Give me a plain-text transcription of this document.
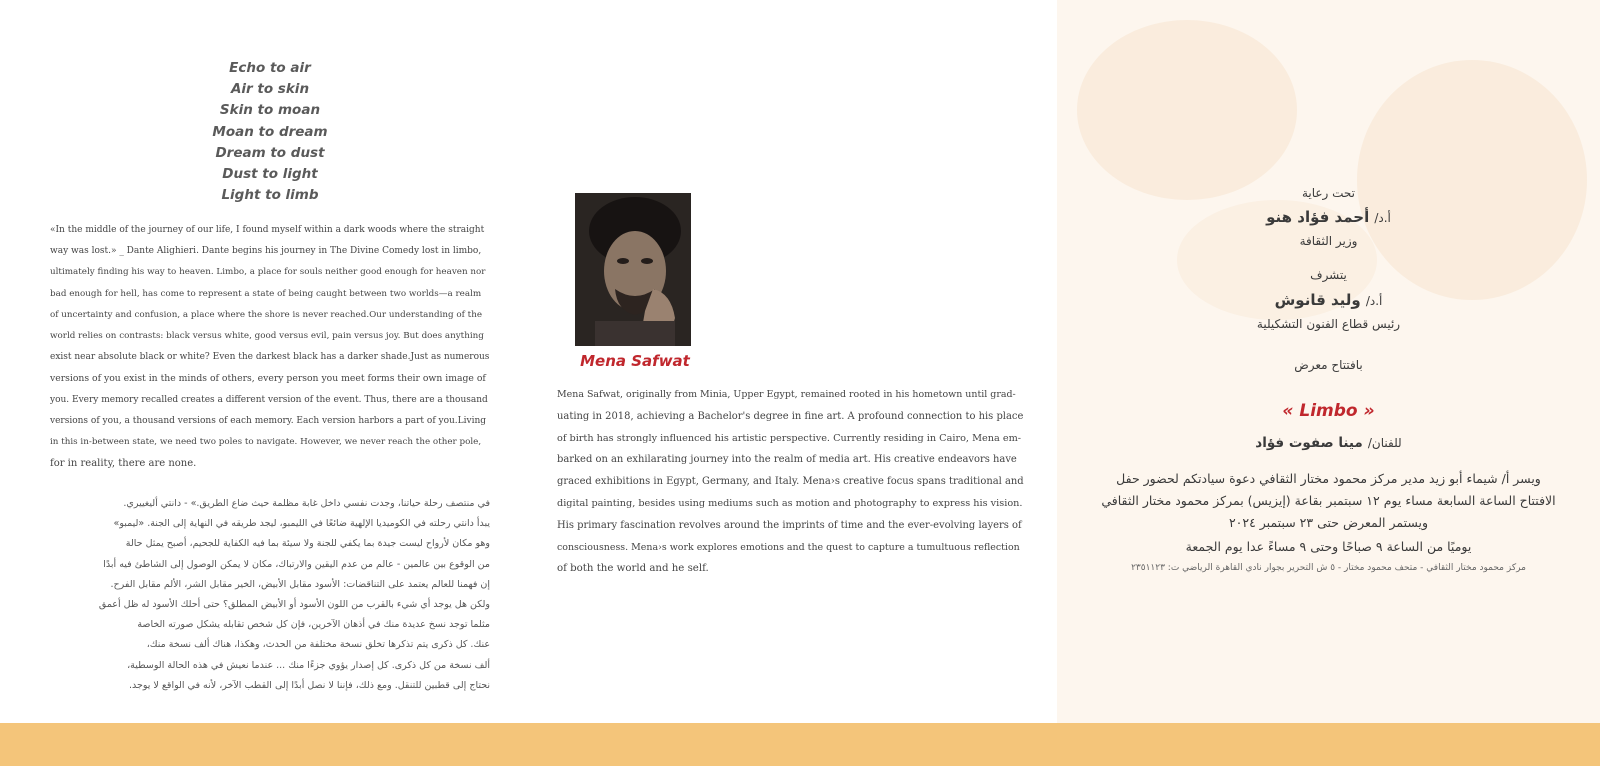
Echo to air
Air to skin
Skin to moan
Moan to dream
Dream to dust
Dust to light
Light to limb
«In the middle of the journey of our life, I found myself within a dark woods where the straight
way was lost.» _ Dante Alighieri. Dante begins his journey in The Divine Comedy lost in limbo,
ultimately finding his way to heaven. Limbo, a place for souls neither good enough for heaven nor
bad enough for hell, has come to represent a state of being caught between two worlds—a realm
of uncertainty and confusion, a place where the shore is never reached.Our understanding of the
world relies on contrasts: black versus white, good versus evil, pain versus joy. But does anything
exist near absolute black or white? Even the darkest black has a darker shade.Just as numerous
versions of you exist in the minds of others, every person you meet forms their own image of
you. Every memory recalled creates a different version of the event. Thus, there are a thousand
versions of you, a thousand versions of each memory. Each version harbors a part of you.Living
in this in-between state, we need two poles to navigate. However, we never reach the other pole,
for in reality, there are none.
في منتصف رحلة حياتنا، وجدت نفسي داخل غابة مظلمة حيث ضاع الطريق.» - دانتي أليغييري.
يبدأ دانتي رحلته في الكوميديا الإلهية ضائعًا في الليمبو، ليجد طريقه في النهاية إلى الجنة. «ليمبو»
وهو مكان لأرواح ليست جيدة بما يكفي للجنة ولا سيئة بما فيه الكفاية للجحيم، أصبح يمثل حالة
من الوقوع بين عالمين - عالم من عدم اليقين والارتباك، مكان لا يمكن الوصول إلى الشاطئ فيه أبدًا
إن فهمنا للعالم يعتمد على التناقضات: الأسود مقابل الأبيض، الخير مقابل الشر، الألم مقابل الفرح.
ولكن هل يوجد أي شيء بالقرب من اللون الأسود أو الأبيض المطلق؟ حتى أحلك الأسود له ظل أعمق
مثلما توجد نسخ عديدة منك في أذهان الآخرين، فإن كل شخص تقابله يشكل صورته الخاصة
عنك. كل ذكرى يتم تذكرها تخلق نسخة مختلفة من الحدث، وهكذا، هناك ألف نسخة منك،
ألف نسخة من كل ذكرى. كل إصدار يؤوي جزءًا منك ... عندما نعيش في هذه الحالة الوسطية،
نحتاج إلى قطبين للتنقل. ومع ذلك، فإننا لا نصل أبدًا إلى القطب الآخر، لأنه في الواقع لا يوجد.
Mena Safwat
Mena Safwat, originally from Minia, Upper Egypt, remained rooted in his hometown until grad-
uating in 2018, achieving a Bachelor's degree in fine art. A profound connection to his place
of birth has strongly influenced his artistic perspective. Currently residing in Cairo, Mena em-
barked on an exhilarating journey into the realm of media art. His creative endeavors have
graced exhibitions in Egypt, Germany, and Italy. Mena›s creative focus spans traditional and
digital painting, besides using mediums such as motion and photography to express his vision.
His primary fascination revolves around the imprints of time and the ever-evolving layers of
consciousness. Mena›s work explores emotions and the quest to capture a tumultuous reflection
of both the world and he self.
تحت رعاية
أ.د/ أحمد فؤاد هنو
وزير الثقافة
يتشرف
أ.د/ وليد قانوش
رئيس قطاع الفنون التشكيلية
بافتتاح معرض
« Limbo »
للفنان/ مينا صفوت فؤاد
ويسر أ/ شيماء أبو زيد مدير مركز محمود مختار الثقافي دعوة سيادتكم لحضور حفل
الافتتاح الساعة السابعة مساء يوم ١٢ سبتمبر بقاعة (إيزيس) بمركز محمود مختار الثقافي
ويستمر المعرض حتى ٢٣ سبتمبر ٢٠٢٤
يوميًا من الساعة ٩ صباحًا وحتى ٩ مساءً عدا يوم الجمعة
مركز محمود مختار الثقافي - متحف محمود مختار - ٥ ش التحرير بجوار نادي القاهرة الرياضي ت: ٢٣٥١١٢٣
